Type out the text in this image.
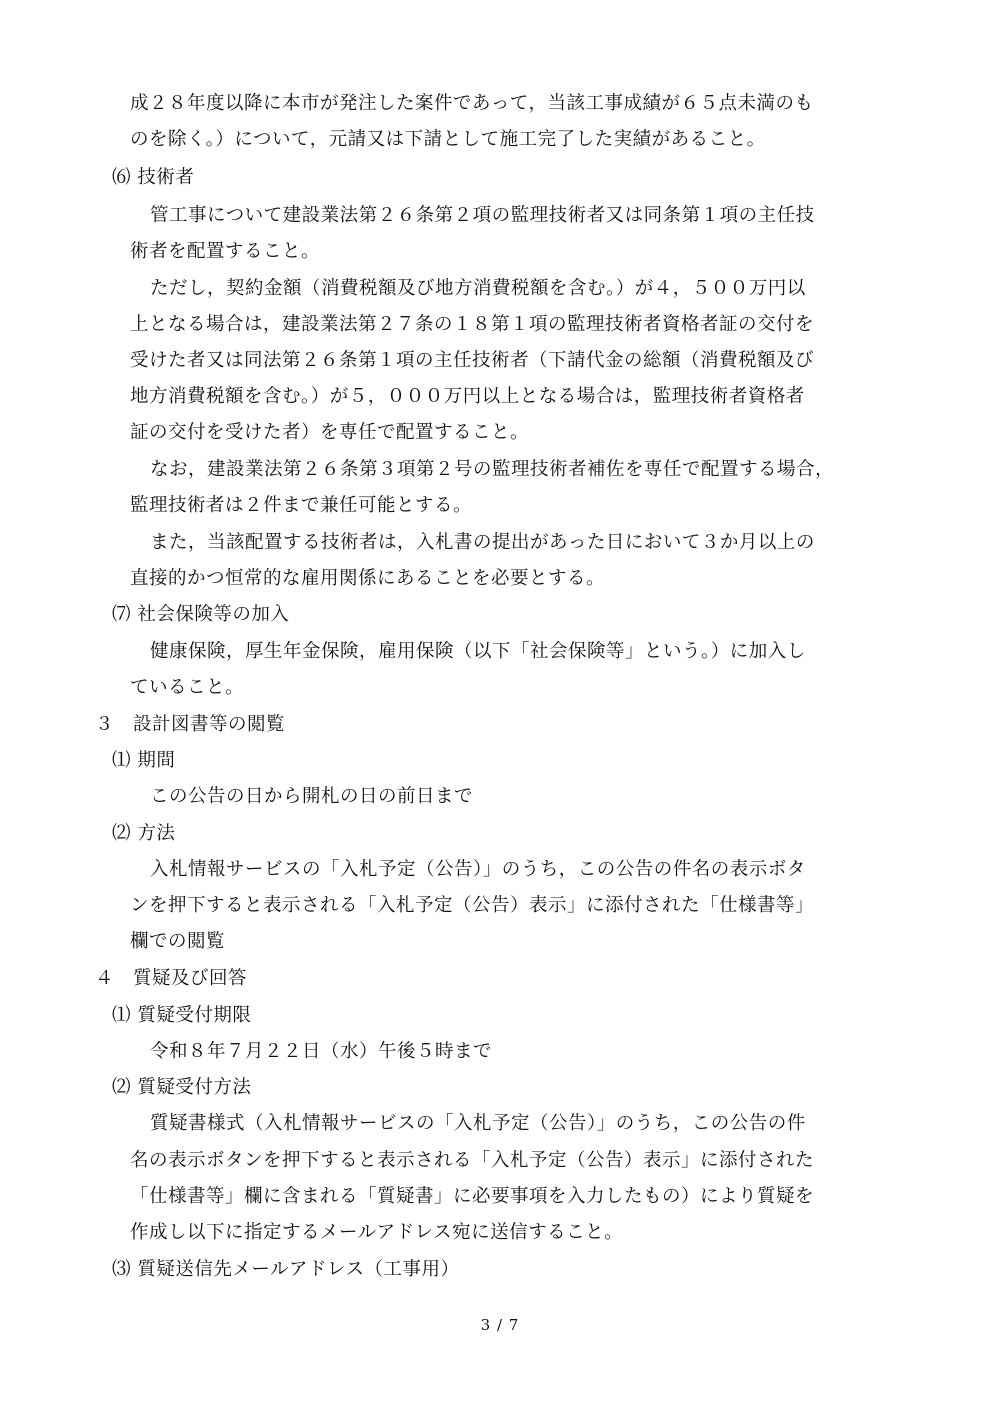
成２８年度以降に本市が発注した案件であって，当該工事成績が６５点未満のも
のを除く。）について，元請又は下請として施工完了した実績があること。
⑹ 技術者
管工事について建設業法第２６条第２項の監理技術者又は同条第１項の主任技
術者を配置すること。
ただし，契約金額（消費税額及び地方消費税額を含む。）が４，５００万円以
上となる場合は，建設業法第２７条の１８第１項の監理技術者資格者証の交付を
受けた者又は同法第２６条第１項の主任技術者（下請代金の総額（消費税額及び
地方消費税額を含む。）が５，０００万円以上となる場合は，監理技術者資格者
証の交付を受けた者）を専任で配置すること。
なお，建設業法第２６条第３項第２号の監理技術者補佐を専任で配置する場合，
監理技術者は２件まで兼任可能とする。
また，当該配置する技術者は，入札書の提出があった日において３か月以上の
直接的かつ恒常的な雇用関係にあることを必要とする。
⑺ 社会保険等の加入
健康保険，厚生年金保険，雇用保険（以下「社会保険等」という。）に加入し
ていること。
３　設計図書等の閲覧
⑴ 期間
この公告の日から開札の日の前日まで
⑵ 方法
入札情報サービスの「入札予定（公告）」のうち，この公告の件名の表示ボタ
ンを押下すると表示される「入札予定（公告）表示」に添付された「仕様書等」
欄での閲覧
４　質疑及び回答
⑴ 質疑受付期限
令和８年７月２２日（水）午後５時まで
⑵ 質疑受付方法
質疑書様式（入札情報サービスの「入札予定（公告）」のうち，この公告の件
名の表示ボタンを押下すると表示される「入札予定（公告）表示」に添付された
「仕様書等」欄に含まれる「質疑書」に必要事項を入力したもの）により質疑を
作成し以下に指定するメールアドレス宛に送信すること。
⑶ 質疑送信先メールアドレス（工事用）
3 / 7
